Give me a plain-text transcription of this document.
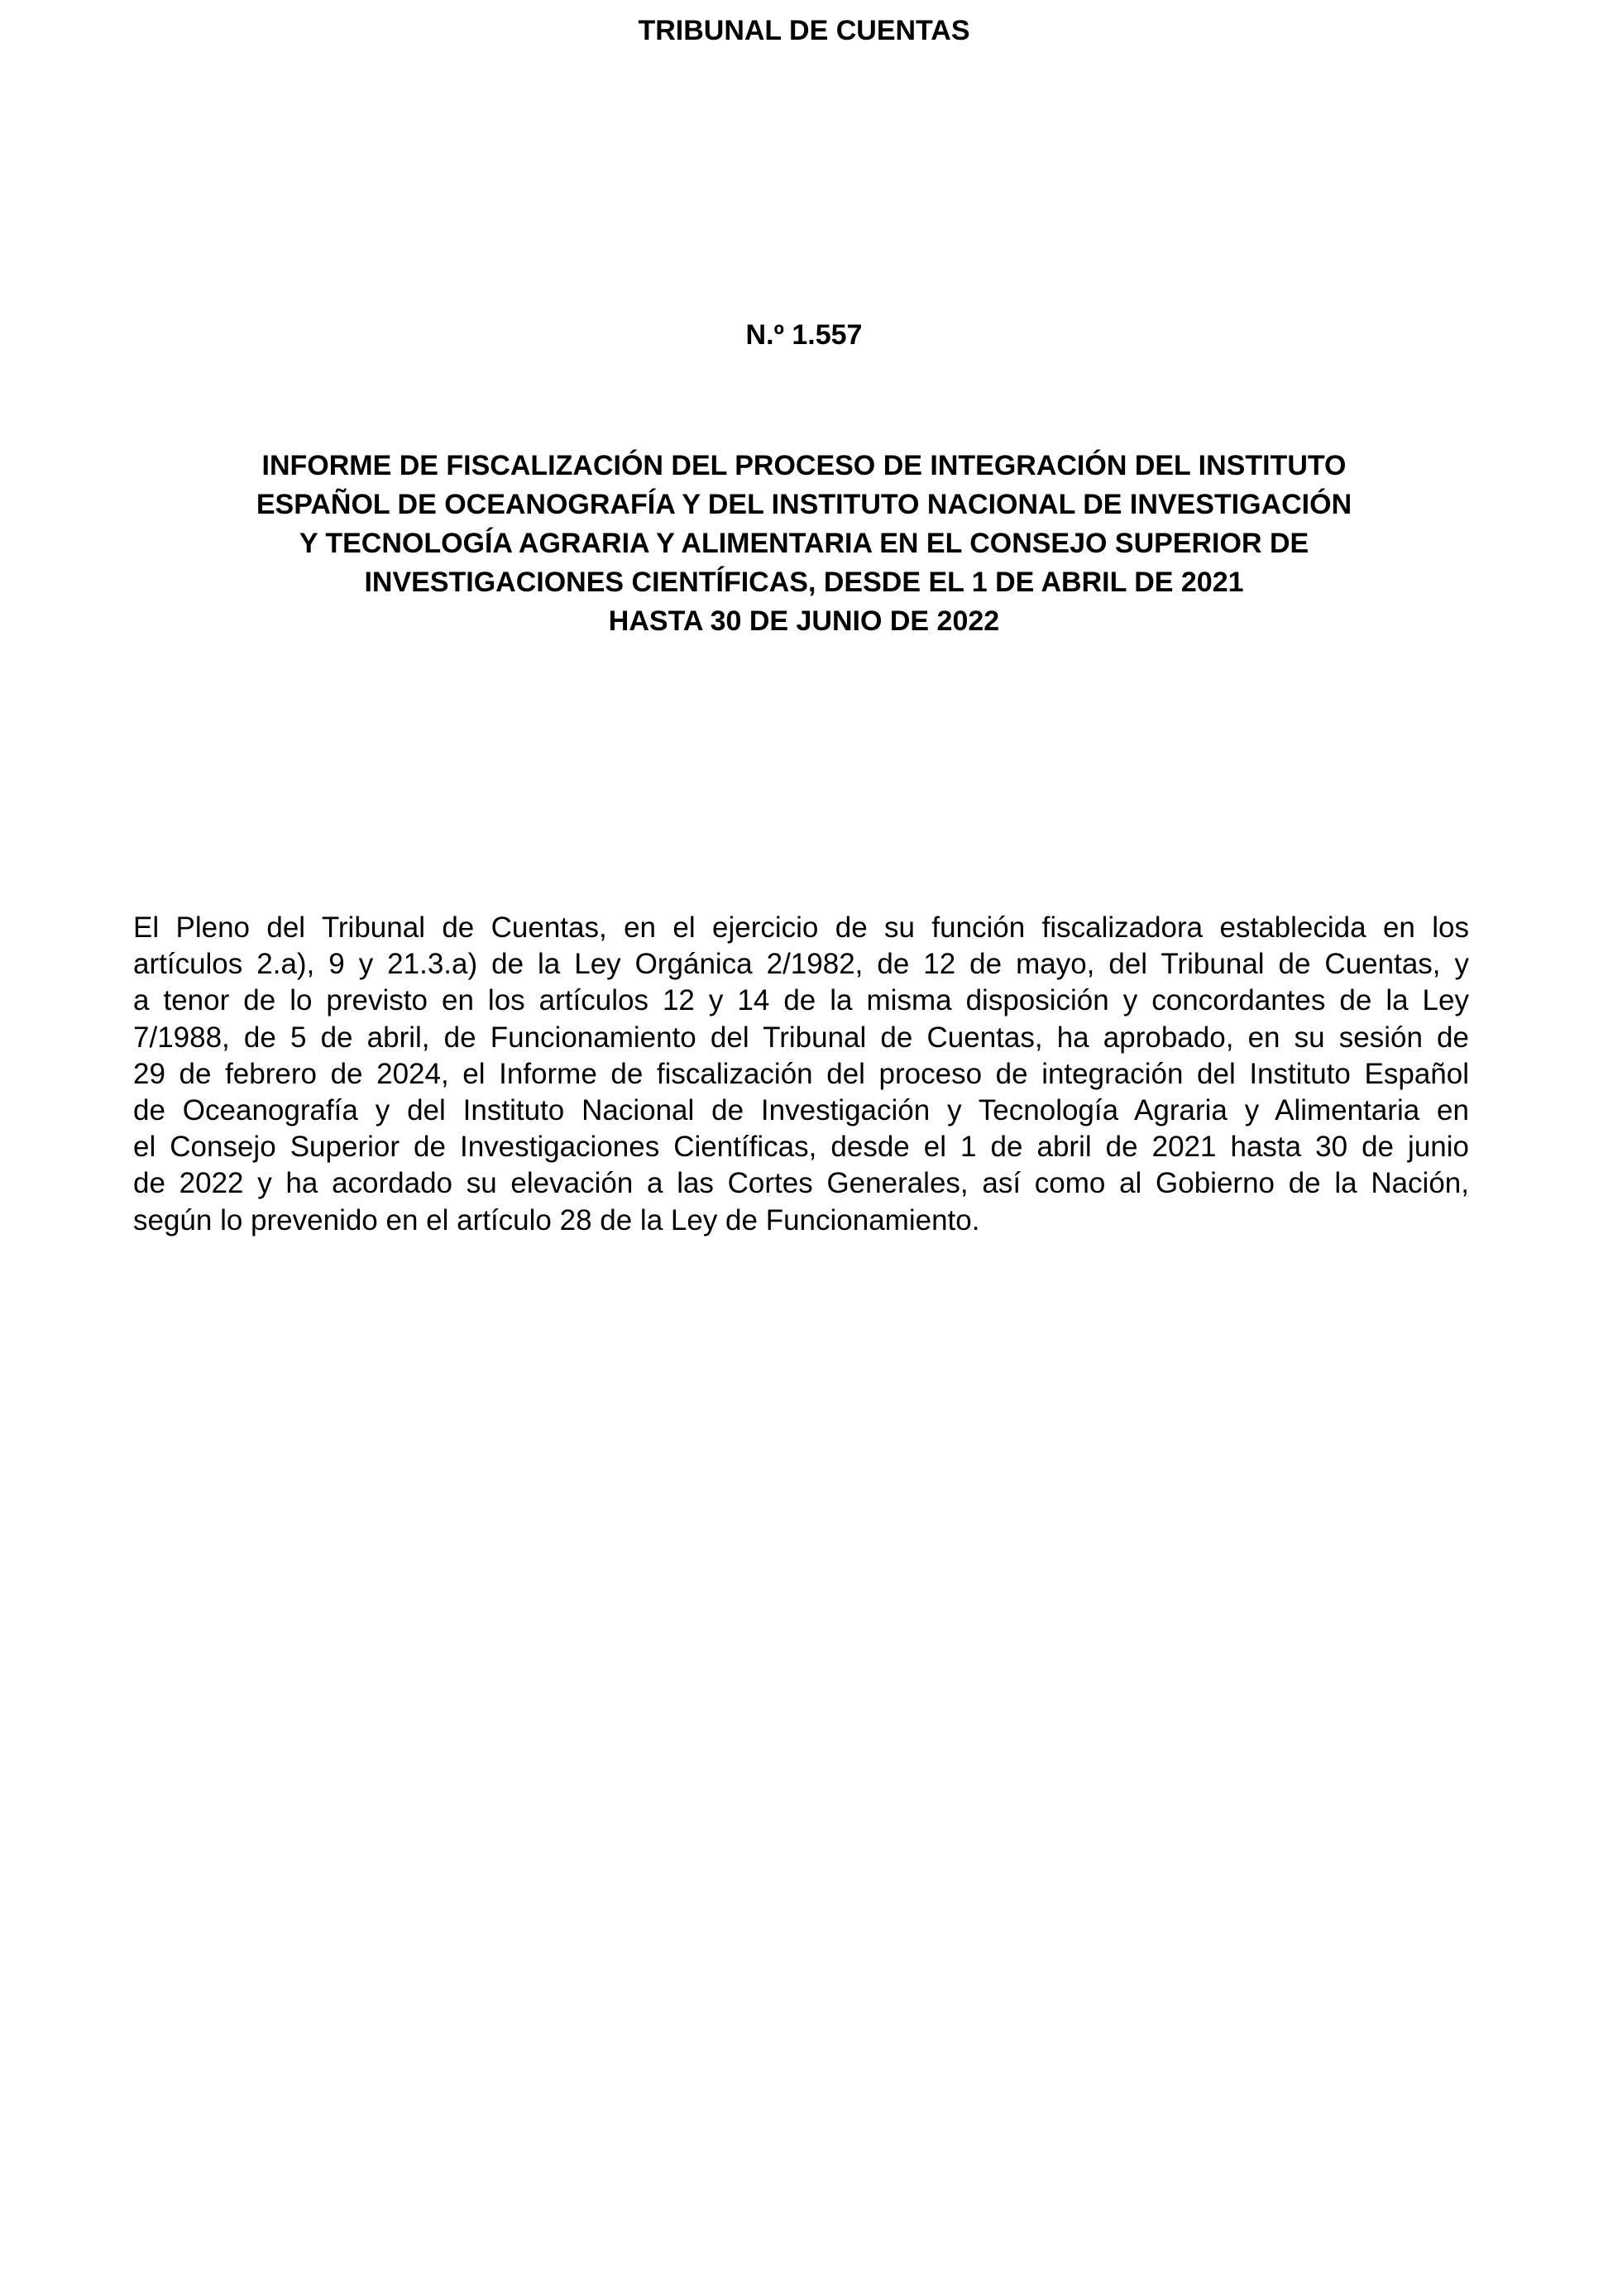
TRIBUNAL DE CUENTAS
N.º 1.557
INFORME DE FISCALIZACIÓN DEL PROCESO DE INTEGRACIÓN DEL INSTITUTO
ESPAÑOL DE OCEANOGRAFÍA Y DEL INSTITUTO NACIONAL DE INVESTIGACIÓN
Y TECNOLOGÍA AGRARIA Y ALIMENTARIA EN EL CONSEJO SUPERIOR DE
INVESTIGACIONES CIENTÍFICAS, DESDE EL 1 DE ABRIL DE 2021
HASTA 30 DE JUNIO DE 2022
El Pleno del Tribunal de Cuentas, en el ejercicio de su función fiscalizadora establecida en los
artículos 2.a), 9 y 21.3.a) de la Ley Orgánica 2/1982, de 12 de mayo, del Tribunal de Cuentas, y
a tenor de lo previsto en los artículos 12 y 14 de la misma disposición y concordantes de la Ley
7/1988, de 5 de abril, de Funcionamiento del Tribunal de Cuentas, ha aprobado, en su sesión de
29 de febrero de 2024, el Informe de fiscalización del proceso de integración del Instituto Español
de Oceanografía y del Instituto Nacional de Investigación y Tecnología Agraria y Alimentaria en
el Consejo Superior de Investigaciones Científicas, desde el 1 de abril de 2021 hasta 30 de junio
de 2022 y ha acordado su elevación a las Cortes Generales, así como al Gobierno de la Nación,
según lo prevenido en el artículo 28 de la Ley de Funcionamiento.
